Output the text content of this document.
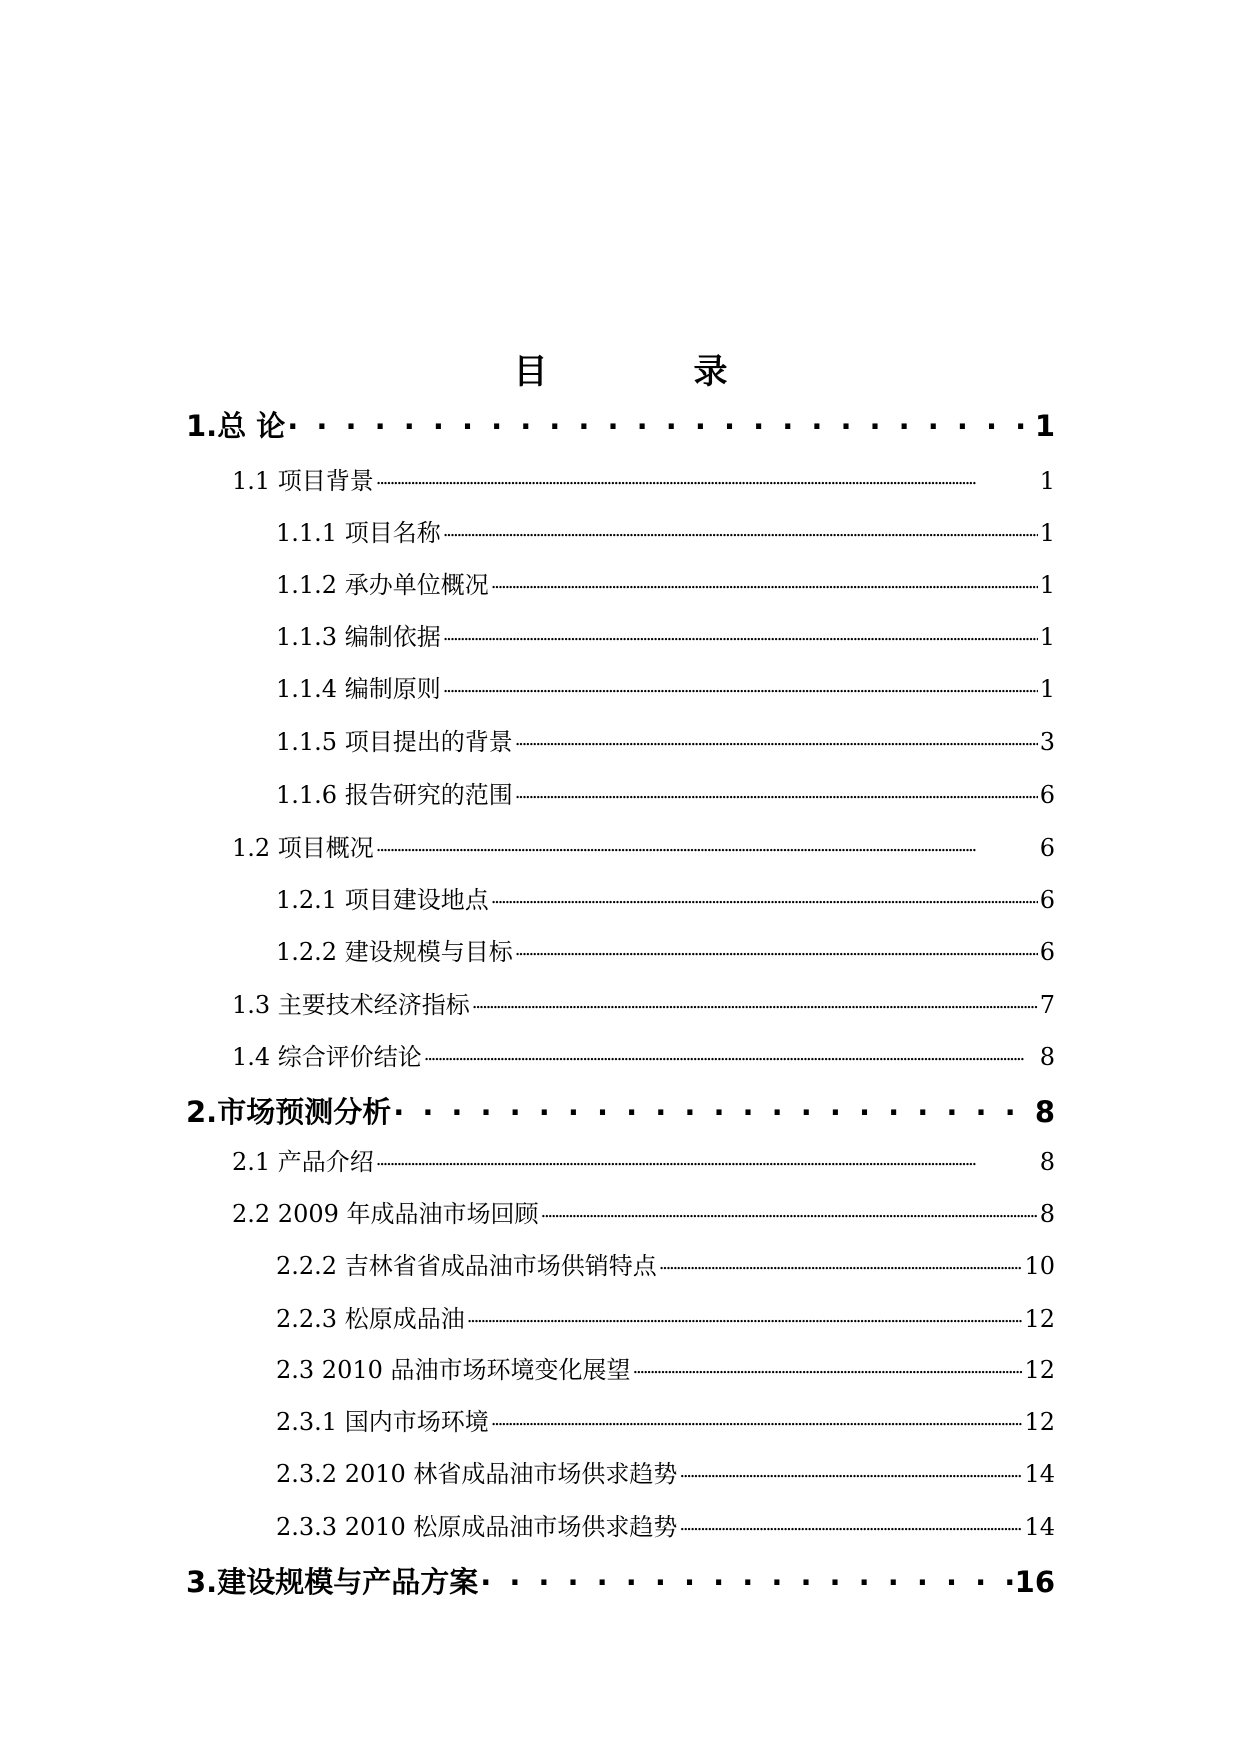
目　录
1.总 论 . . .	1
1.1 项目背景 . . .	1
1.1.1 项目名称 . . .	1
1.1.2 承办单位概况 . . .	1
1.1.3 编制依据 . . .	1
1.1.4 编制原则 . . .	1
1.1.5 项目提出的背景 . . .	3
1.1.6 报告研究的范围 . . .	6
1.2 项目概况 . . .	6
1.2.1 项目建设地点 . . .	6
1.2.2 建设规模与目标 . . .	6
1.3 主要技术经济指标 . . .	7
1.4 综合评价结论 . . .	8
2.市场预测分析 . . .	8
2.1 产品介绍 . . .	8
2.2 2009 年成品油市场回顾 . . .	8
2.2.2 吉林省省成品油市场供销特点 . . .	10
2.2.3 松原成品油 . . .	12
2.3 2010 品油市场环境变化展望 . . .	12
2.3.1 国内市场环境 . . .	12
2.3.2 2010 林省成品油市场供求趋势 . . .	14
2.3.3 2010 松原成品油市场供求趋势 . . .	14
3.建设规模与产品方案 . . .	16
